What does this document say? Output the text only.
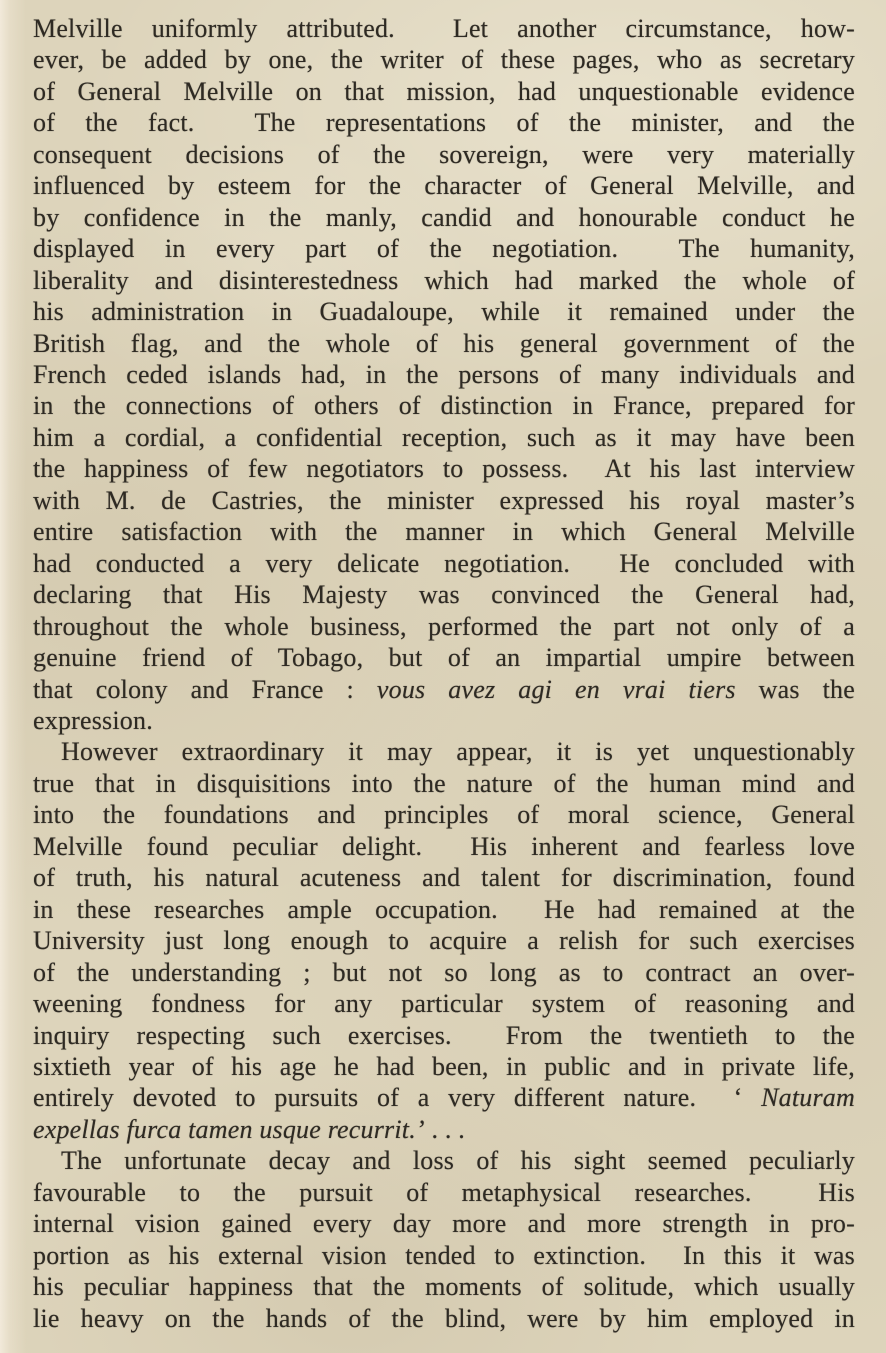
Melville uniformly attributed.  Let another circumstance, how-
ever, be added by one, the writer of these pages, who as secretary
of General Melville on that mission, had unquestionable evidence
of the fact.  The representations of the minister, and the
consequent decisions of the sovereign, were very materially
influenced by esteem for the character of General Melville, and
by confidence in the manly, candid and honourable conduct he
displayed in every part of the negotiation.  The humanity,
liberality and disinterestedness which had marked the whole of
his administration in Guadaloupe, while it remained under the
British flag, and the whole of his general government of the
French ceded islands had, in the persons of many individuals and
in the connections of others of distinction in France, prepared for
him a cordial, a confidential reception, such as it may have been
the happiness of few negotiators to possess.  At his last interview
with M. de Castries, the minister expressed his royal master’s
entire satisfaction with the manner in which General Melville
had conducted a very delicate negotiation.  He concluded with
declaring that His Majesty was convinced the General had,
throughout the whole business, performed the part not only of a
genuine friend of Tobago, but of an impartial umpire between
that colony and France : vous avez agi en vrai tiers was the
expression.
However extraordinary it may appear, it is yet unquestionably
true that in disquisitions into the nature of the human mind and
into the foundations and principles of moral science, General
Melville found peculiar delight.  His inherent and fearless love
of truth, his natural acuteness and talent for discrimination, found
in these researches ample occupation.  He had remained at the
University just long enough to acquire a relish for such exercises
of the understanding ; but not so long as to contract an over-
weening fondness for any particular system of reasoning and
inquiry respecting such exercises.  From the twentieth to the
sixtieth year of his age he had been, in public and in private life,
entirely devoted to pursuits of a very different nature.  ‘ Naturam
expellas furca tamen usque recurrit.’ . . .
The unfortunate decay and loss of his sight seemed peculiarly
favourable to the pursuit of metaphysical researches.  His
internal vision gained every day more and more strength in pro-
portion as his external vision tended to extinction.  In this it was
his peculiar happiness that the moments of solitude, which usually
lie heavy on the hands of the blind, were by him employed in
